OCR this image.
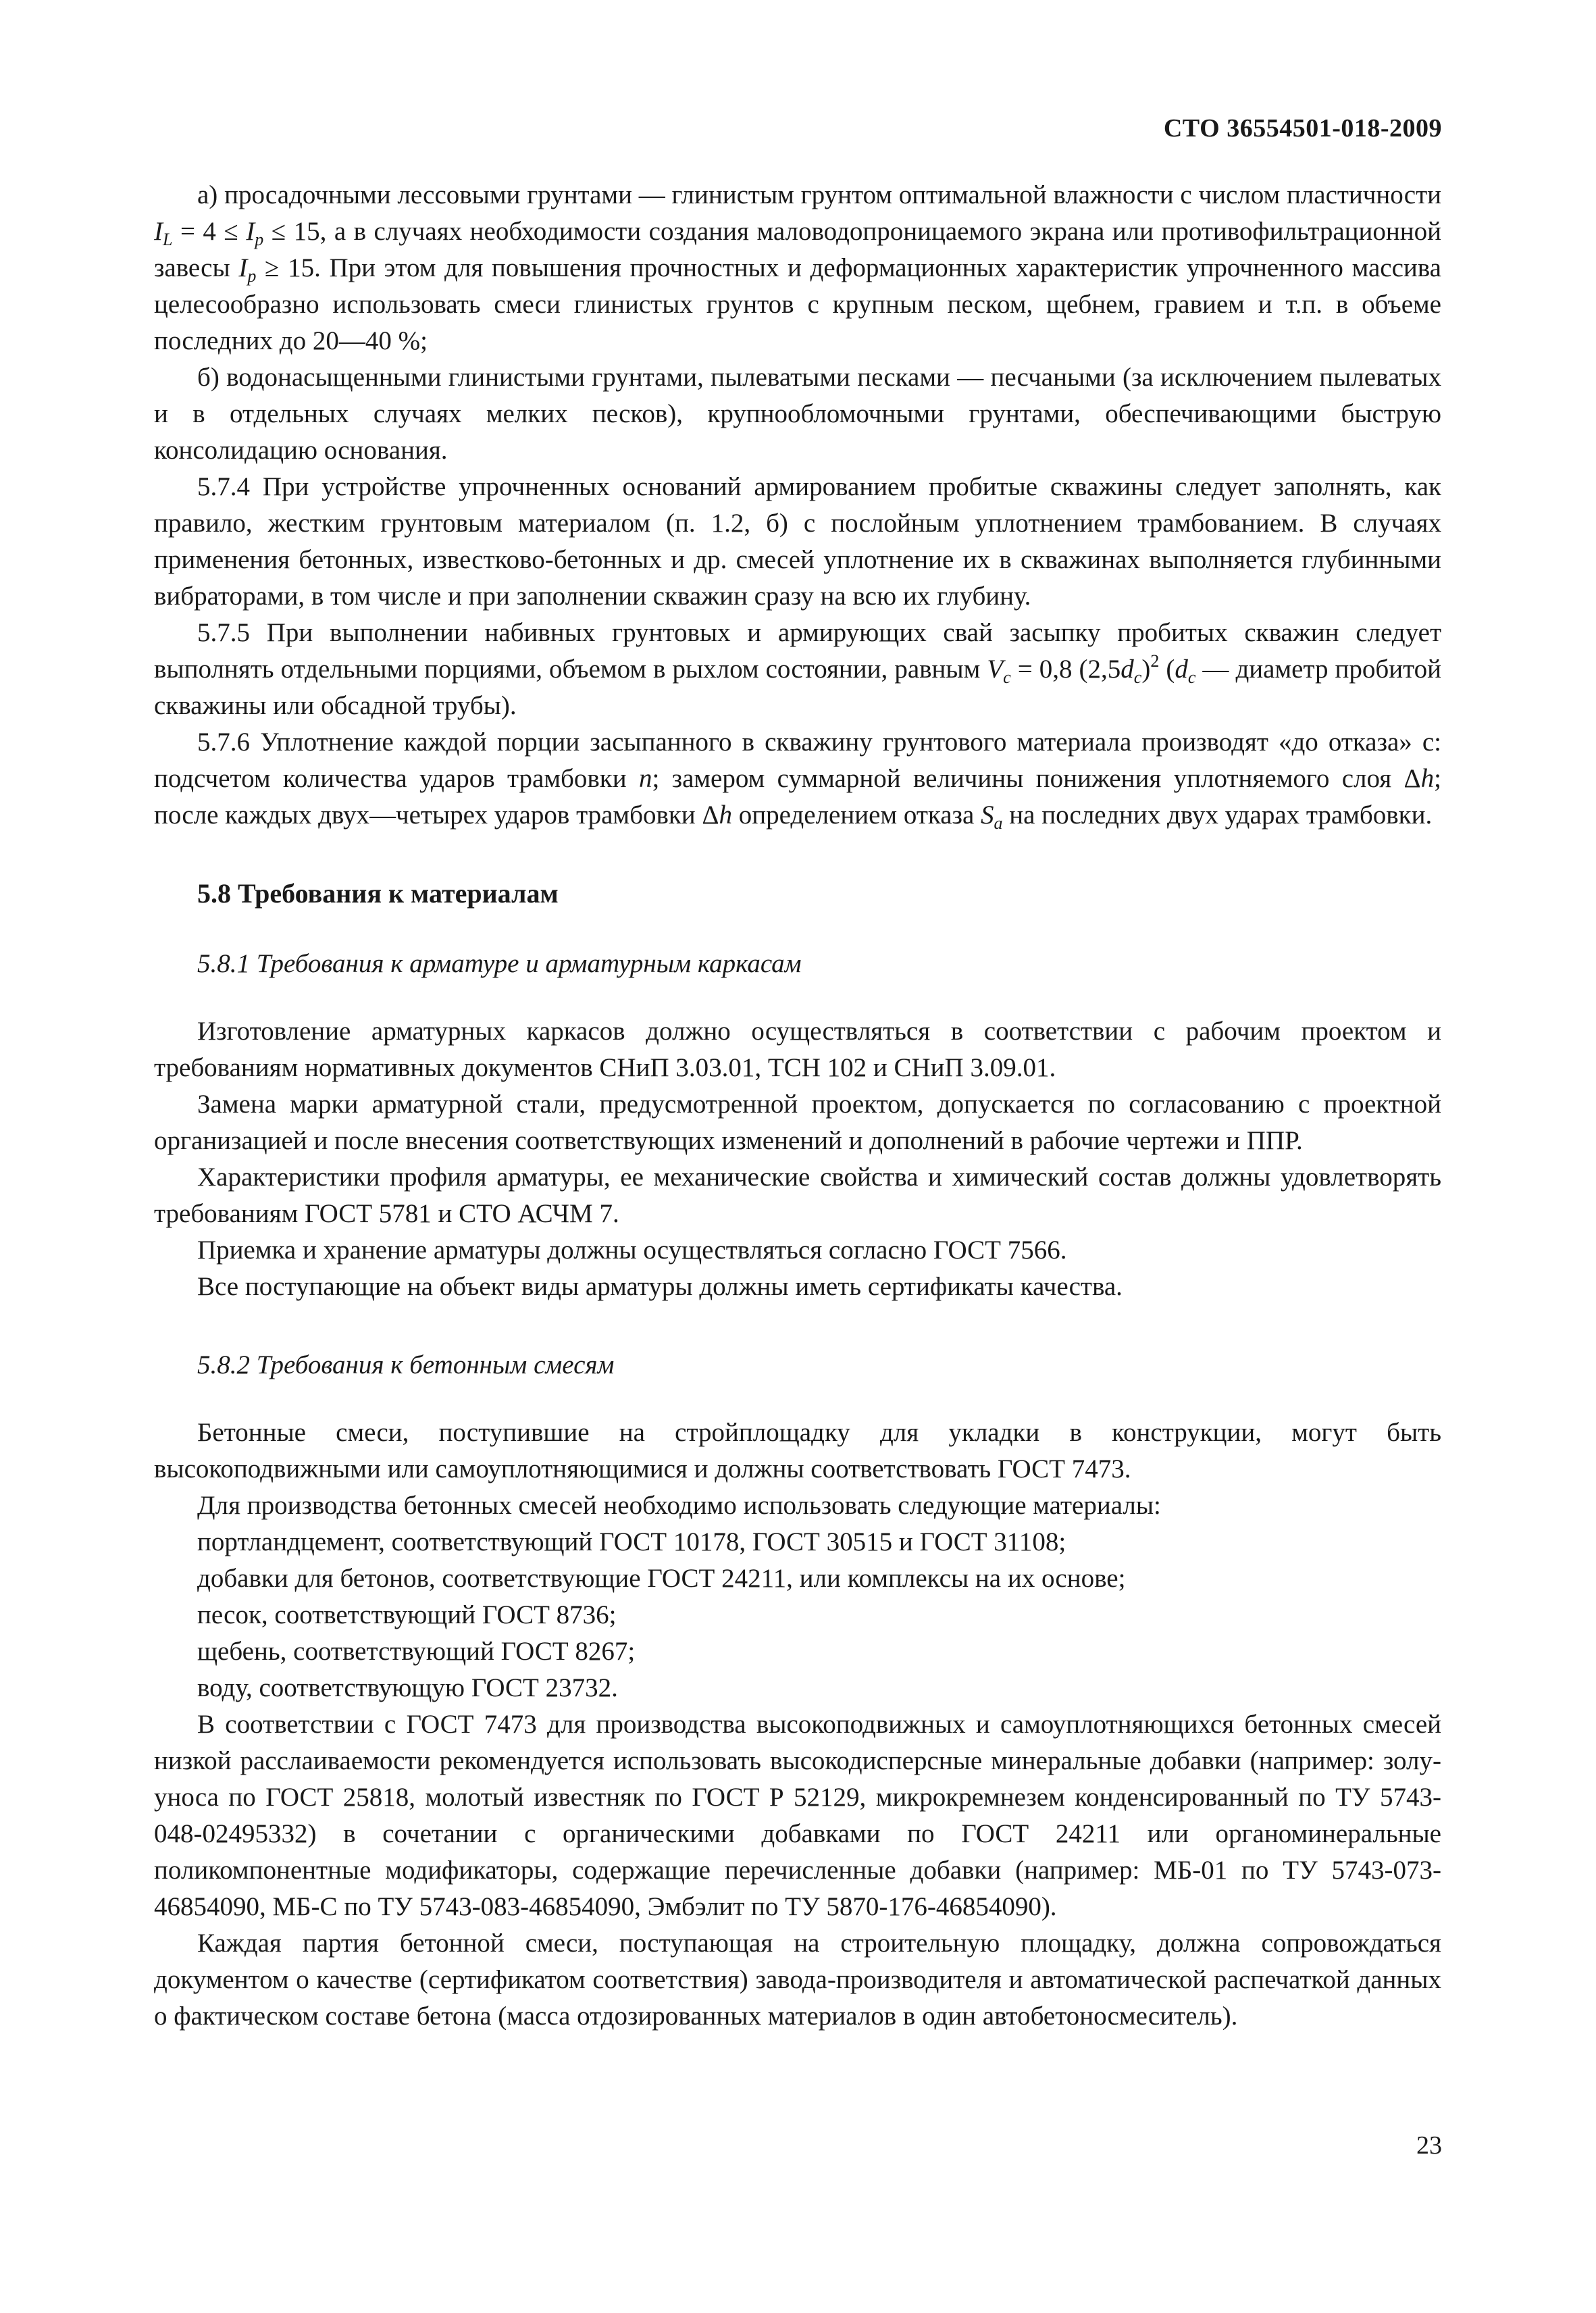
СТО 36554501-018-2009

а) просадочными лессовыми грунтами — глинистым грунтом оптимальной влажности с числом пластичности $I_L = 4 \le I_p \le 15$, а в случаях необходимости создания маловодопроницаемого экрана или противофильтрационной завесы $I_p \ge 15$. При этом для повышения прочностных и деформационных характеристик упрочненного массива целесообразно использовать смеси глинистых грунтов с крупным песком, щебнем, гравием и т.п. в объеме последних до 20—40 %;

б) водонасыщенными глинистыми грунтами, пылеватыми песками — песчаными (за исключением пылеватых и в отдельных случаях мелких песков), крупнообломочными грунтами, обеспечивающими быструю консолидацию основания.

5.7.4 При устройстве упрочненных оснований армированием пробитые скважины следует заполнять, как правило, жестким грунтовым материалом (п. 1.2, б) с послойным уплотнением трамбованием. В случаях применения бетонных, известково-бетонных и др. смесей уплотнение их в скважинах выполняется глубинными вибраторами, в том числе и при заполнении скважин сразу на всю их глубину.

5.7.5 При выполнении набивных грунтовых и армирующих свай засыпку пробитых скважин следует выполнять отдельными порциями, объемом в рыхлом состоянии, равным $V_c = 0,8$ $(2,5d_c)^2$ ($d_c$ — диаметр пробитой скважины или обсадной трубы).

5.7.6 Уплотнение каждой порции засыпанного в скважину грунтового материала производят «до отказа» с: подсчетом количества ударов трамбовки n; замером суммарной величины понижения уплотняемого слоя Δh; после каждых двух—четырех ударов трамбовки Δh определением отказа $S_a$ на последних двух ударах трамбовки.

5.8 Требования к материалам
5.8.1 Требования к арматуре и арматурным каркасам

Изготовление арматурных каркасов должно осуществляться в соответствии с рабочим проектом и требованиям нормативных документов СНиП 3.03.01, ТСН 102 и СНиП 3.09.01.

Замена марки арматурной стали, предусмотренной проектом, допускается по согласованию с проектной организацией и после внесения соответствующих изменений и дополнений в рабочие чертежи и ППР.

Характеристики профиля арматуры, ее механические свойства и химический состав должны удовлетворять требованиям ГОСТ 5781 и СТО АСЧМ 7.

Приемка и хранение арматуры должны осуществляться согласно ГОСТ 7566.

Все поступающие на объект виды арматуры должны иметь сертификаты качества.

5.8.2 Требования к бетонным смесям

Бетонные смеси, поступившие на стройплощадку для укладки в конструкции, могут быть высокоподвижными или самоуплотняющимися и должны соответствовать ГОСТ 7473.

Для производства бетонных смесей необходимо использовать следующие материалы:

портландцемент, соответствующий ГОСТ 10178, ГОСТ 30515 и ГОСТ 31108;

добавки для бетонов, соответствующие ГОСТ 24211, или комплексы на их основе;

песок, соответствующий ГОСТ 8736;

щебень, соответствующий ГОСТ 8267;

воду, соответствующую ГОСТ 23732.

В соответствии с ГОСТ 7473 для производства высокоподвижных и самоуплотняющихся бетонных смесей низкой расслаиваемости рекомендуется использовать высокодисперсные минеральные добавки (например: золу-уноса по ГОСТ 25818, молотый известняк по ГОСТ Р 52129, микрокремнезем конденсированный по ТУ 5743-048-02495332) в сочетании с органическими добавками по ГОСТ 24211 или органоминеральные поликомпонентные модификаторы, содержащие перечисленные добавки (например: МБ-01 по ТУ 5743-073-46854090, МБ-С по ТУ 5743-083-46854090, Эмбэлит по ТУ 5870-176-46854090).

Каждая партия бетонной смеси, поступающая на строительную площадку, должна сопровождаться документом о качестве (сертификатом соответствия) завода-производителя и автоматической распечаткой данных о фактическом составе бетона (масса отдозированных материалов в один автобетоносмеситель).

23
